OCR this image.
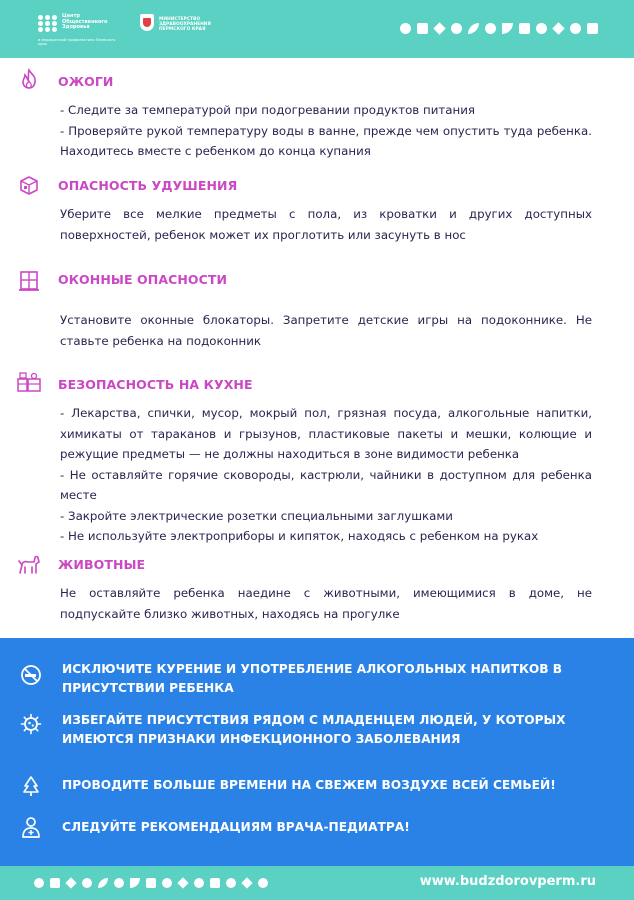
Центр
Общественного
Здоровья
и медицинской профилактики Пермского края
МИНИСТЕРСТВО
ЗДРАВООХРАНЕНИЯ
ПЕРМСКОГО КРАЯ
ОЖОГИ

- Следите за температурой при подогревании продуктов питания

- Проверяйте рукой температуру воды в ванне, прежде чем опустить туда ребенка. Находитесь вместе с ребенком до конца купания

ОПАСНОСТЬ УДУШЕНИЯ

Уберите все мелкие предметы с пола, из кроватки и других доступных поверхностей, ребенок может их проглотить или засунуть в нос

ОКОННЫЕ ОПАСНОСТИ

Установите оконные блокаторы. Запретите детские игры на подоконнике. Не ставьте ребенка на подоконник

БЕЗОПАСНОСТЬ НА КУХНЕ

- Лекарства, спички, мусор, мокрый пол, грязная посуда, алкогольные напитки, химикаты от тараканов и грызунов, пластиковые пакеты и мешки, колющие и режущие предметы — не должны находиться в зоне видимости ребенка

- Не оставляйте горячие сковороды, кастрюли, чайники в доступном для ребенка месте

- Закройте электрические розетки специальными заглушками

- Не используйте электроприборы и кипяток, находясь с ребенком на руках

ЖИВОТНЫЕ

Не оставляйте ребенка наедине с животными, имеющимися в доме, не подпускайте близко животных, находясь на прогулке

ИСКЛЮЧИТЕ КУРЕНИЕ И УПОТРЕБЛЕНИЕ АЛКОГОЛЬНЫХ НАПИТКОВ В ПРИСУТСТВИИ РЕБЕНКА

ИЗБЕГАЙТЕ ПРИСУТСТВИЯ РЯДОМ С МЛАДЕНЦЕМ ЛЮДЕЙ, У КОТОРЫХ ИМЕЮТСЯ ПРИЗНАКИ ИНФЕКЦИОННОГО ЗАБОЛЕВАНИЯ

ПРОВОДИТЕ БОЛЬШЕ ВРЕМЕНИ НА СВЕЖЕМ ВОЗДУХЕ ВСЕЙ СЕМЬЕЙ!

СЛЕДУЙТЕ РЕКОМЕНДАЦИЯМ ВРАЧА-ПЕДИАТРА!

www.budzdorovperm.ru
